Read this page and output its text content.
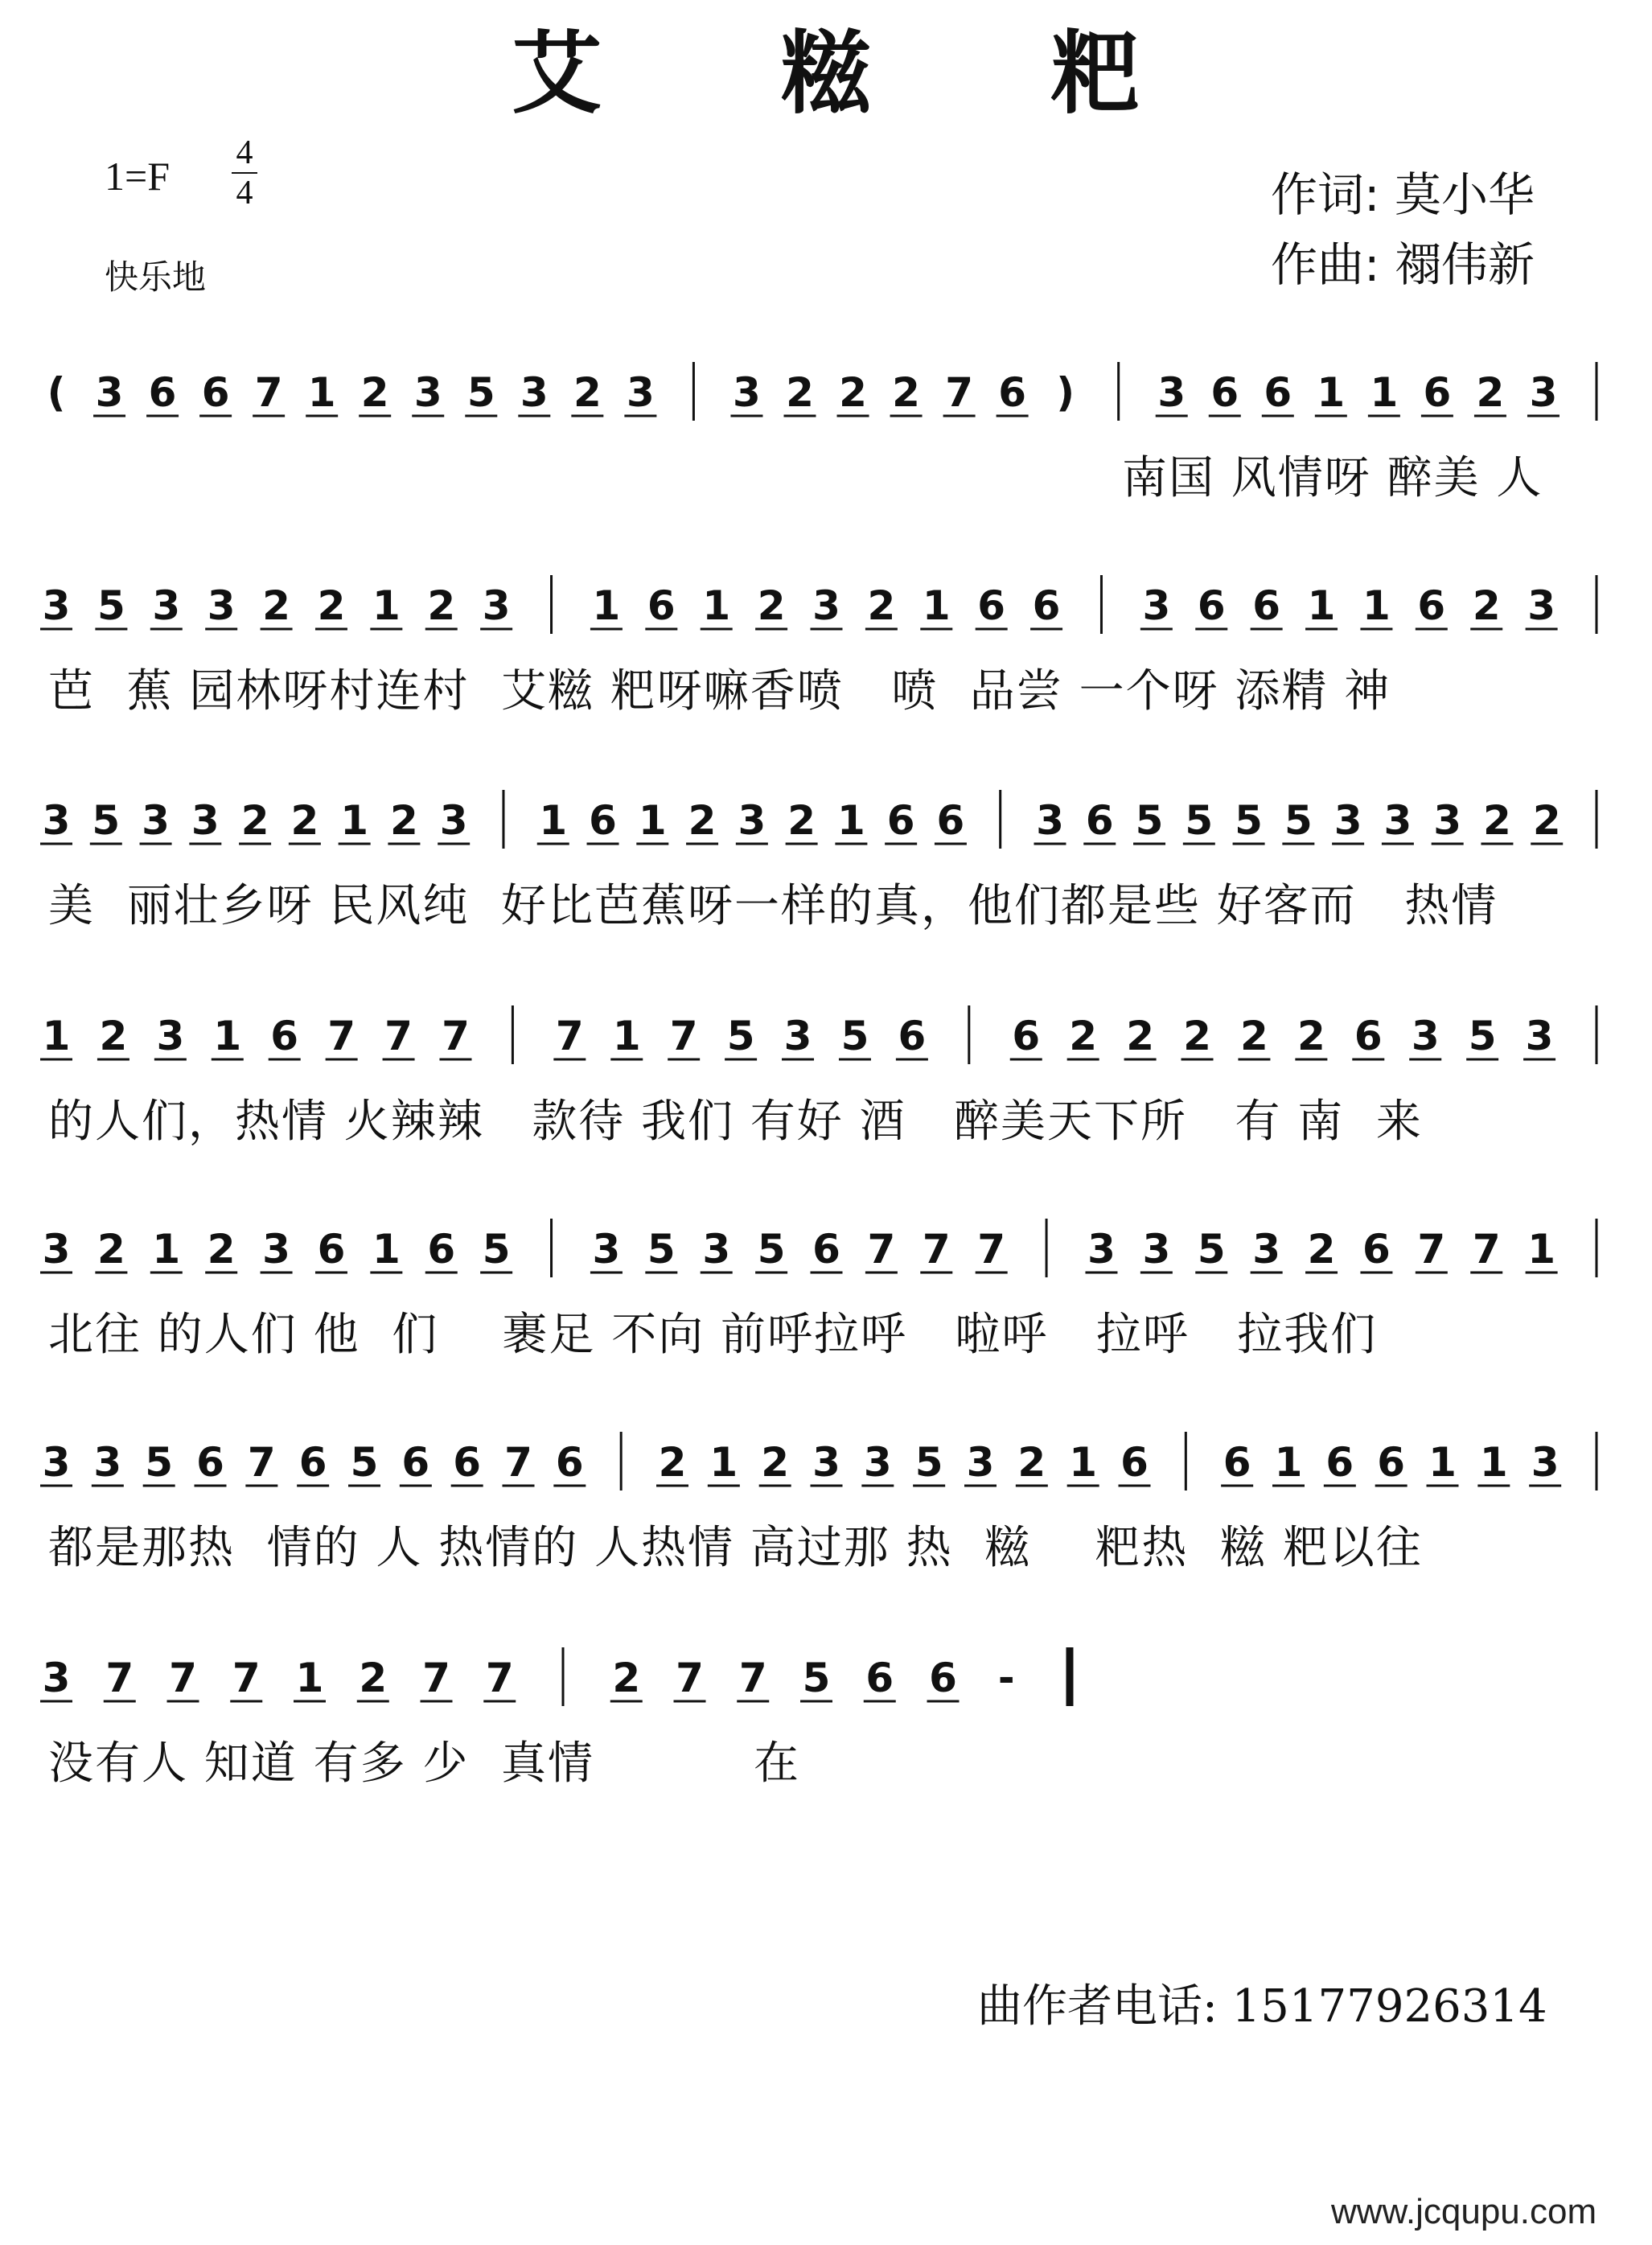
艾 糍 粑
1=F
4
4
快乐地
作词: 莫小华
作曲: 禤伟新
( 3 6 6 7 1 2 3 5 3 2 3 3 2 2 2 7 6 ) 3 6 6 1 1 6 2 3
3 5 3 3 2 2 1 2 3 1 6 1 2 3 2 1 6 6 3 6 6 1 1 6 2 3
3 5 3 3 2 2 1 2 3 1 6 1 2 3 2 1 6 6 3 6 5 5 5 5 3 3 3 2 2
1 2 3 1 6 7 7 7 7 1 7 5 3 5 6 6 2 2 2 2 2 6 3 5 3
3 2 1 2 3 6 1 6 5 3 5 3 5 6 7 7 7 3 3 5 3 2 6 7 7 1
3 3 5 6 7 6 5 6 6 7 6 2 1 2 3 3 5 3 2 1 6 6 1 6 6 1 1 3
3 7 7 7 1 2 7 7 2 7 7 5 6 6 -
南国 风情呀 醉美 人
芭  蕉 园林呀村连村  艾糍 粑呀嘛香喷   喷  品尝 一个呀 添精 神
美  丽壮乡呀 民风纯  好比芭蕉呀一样的真，他们都是些 好客而   热情
的人们，热情 火辣辣   款待 我们 有好 酒   醉美天下所   有 南  来
北往 的人们 他  们    裹足 不向 前呼拉呼   啦呼   拉呼   拉我们
都是那热  情的 人 热情的 人热情 高过那 热  糍    粑热  糍 粑以往
没有人 知道 有多 少  真情          在
曲作者电话: 15177926314
www.jcqupu.com
